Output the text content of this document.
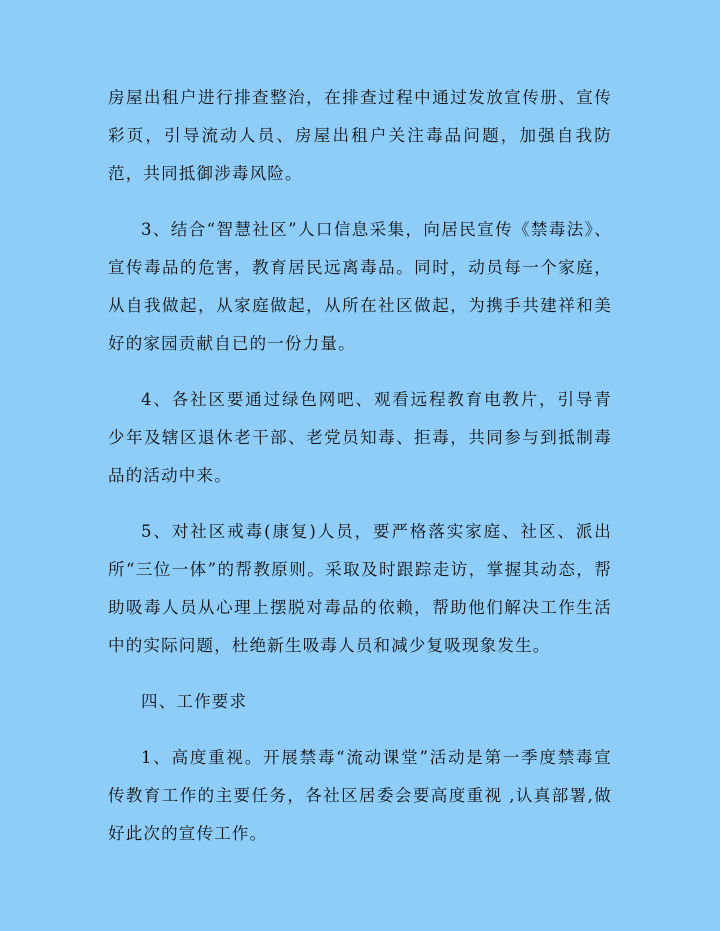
房屋出租户进行排查整治，在排查过程中通过发放宣传册、宣传彩页，引导流动人员、房屋出租户关注毒品问题，加强自我防范，共同抵御涉毒风险。

3、结合“智慧社区”人口信息采集，向居民宣传《禁毒法》、宣传毒品的危害，教育居民远离毒品。同时，动员每一个家庭，从自我做起，从家庭做起，从所在社区做起，为携手共建祥和美好的家园贡献自已的一份力量。

4、各社区要通过绿色网吧、观看远程教育电教片，引导青少年及辖区退休老干部、老党员知毒、拒毒，共同参与到抵制毒品的活动中来。

5、对社区戒毒(康复)人员，要严格落实家庭、社区、派出所“三位一体”的帮教原则。采取及时跟踪走访，掌握其动态，帮助吸毒人员从心理上摆脱对毒品的依赖，帮助他们解决工作生活中的实际问题，杜绝新生吸毒人员和减少复吸现象发生。

四、工作要求

1、高度重视。开展禁毒“流动课堂”活动是第一季度禁毒宣传教育工作的主要任务，各社区居委会要高度重视 ,认真部署,做好此次的宣传工作。
